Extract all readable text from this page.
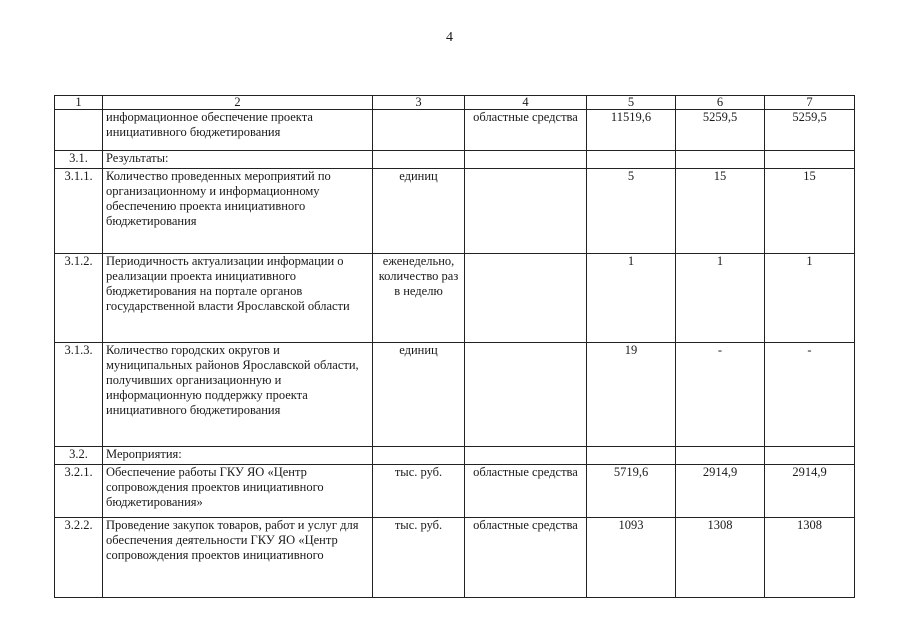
4
1	2	3	4	5	6	7
	информационное обеспечение проекта инициативного бюджетирования		областные средства	11519,6	5259,5	5259,5
3.1.	Результаты:					
3.1.1.	Количество проведенных мероприятий по организационному и информационному обеспечению проекта инициативного бюджетирования	единиц		5	15	15
3.1.2.	Периодичность актуализации информации о реализации проекта инициативного бюджетирования на портале органов государственной власти Ярославской области	еженедельно, количество раз в неделю		1	1	1
3.1.3.	Количество городских округов и муниципальных районов Ярославской области, получивших организационную и информационную поддержку проекта инициативного бюджетирования	единиц		19	-	-
3.2.	Мероприятия:					
3.2.1.	Обеспечение работы ГКУ ЯО «Центр сопровождения проектов инициативного бюджетирования»	тыс. руб.	областные средства	5719,6	2914,9	2914,9
3.2.2.	Проведение закупок товаров, работ и услуг для обеспечения деятельности ГКУ ЯО «Центр сопровождения проектов инициативного	тыс. руб.	областные средства	1093	1308	1308
